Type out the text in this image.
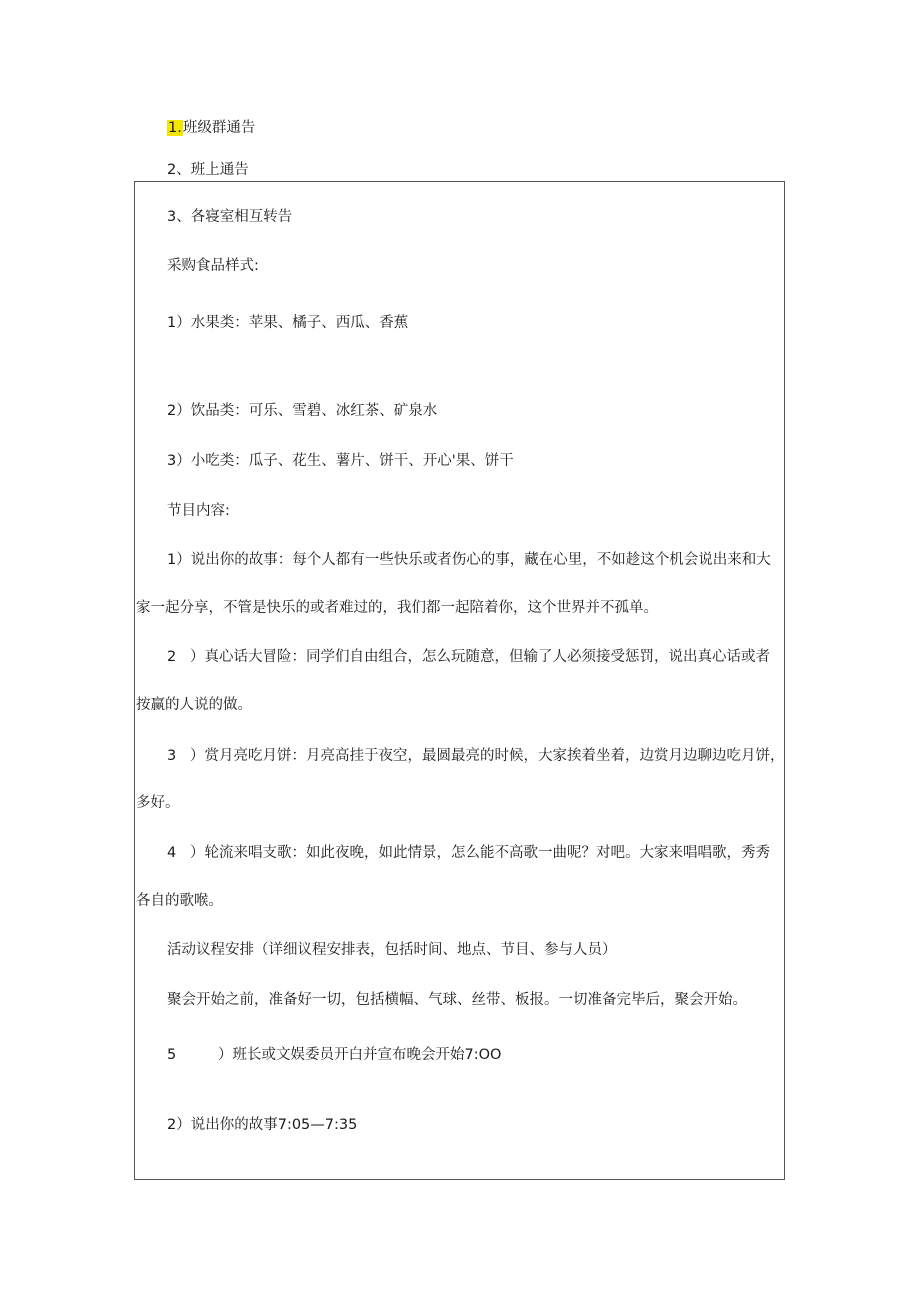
1.班级群通告
2、班上通告
3、各寝室相互转告
采购食品样式:
1）水果类：苹果、橘子、西瓜、香蕉
2）饮品类：可乐、雪碧、冰红茶、矿泉水
3）小吃类：瓜子、花生、薯片、饼干、开心'果、饼干
节目内容:
1）说出你的故事：每个人都有一些快乐或者伤心的事，藏在心里，不如趁这个机会说出来和大
家一起分享，不管是快乐的或者难过的，我们都一起陪着你，这个世界并不孤单。
2 ）真心话大冒险：同学们自由组合，怎么玩随意，但输了人必须接受惩罚，说出真心话或者
按赢的人说的做。
3 ）赏月亮吃月饼：月亮高挂于夜空，最圆最亮的时候，大家挨着坐着，边赏月边聊边吃月饼，
多好。
4 ）轮流来唱支歌：如此夜晚，如此情景，怎么能不高歌一曲呢？对吧。大家来唱唱歌，秀秀
各自的歌喉。
活动议程安排（详细议程安排表，包括时间、地点、节目、参与人员）
聚会开始之前，准备好一切，包括横幅、气球、丝带、板报。一切准备完毕后，聚会开始。
5	）班长或文娱委员开白并宣布晚会开始7:OO
2）说出你的故事7:05—7:35
